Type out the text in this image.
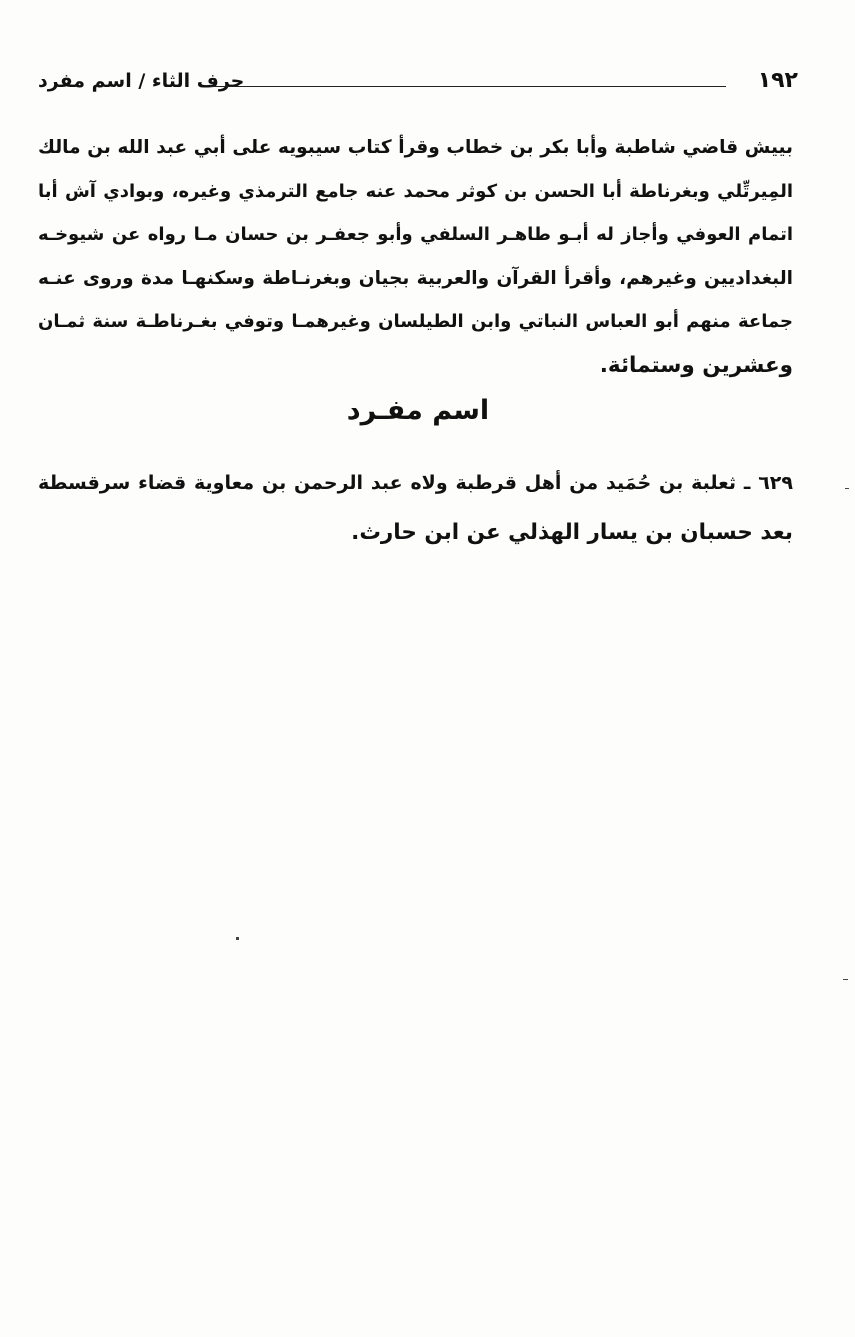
حرف الثاء / اسم مفرد	١٩٢
بييش قاضي شاطبة وأبا بكر بن خطاب وقرأ كتاب سيبويه على أبي عبد الله بن مالك
المِيرتِّلي وبغرناطة أبا الحسن بن كوثر محمد عنه جامع الترمذي وغيره، وبوادي آش أبا
اتمام العوفي وأجاز له أبـو طاهـر السلفي وأبو جعفـر بن حسان مـا رواه عن شيوخـه
البغداديين وغيرهم، وأقرأ القرآن والعربية بجيان وبغرنـاطة وسكنهـا مدة وروى عنـه
جماعة منهم أبو العباس النباتي وابن الطيلسان وغيرهمـا وتوفي بغـرناطـة سنة ثمـان
وعشرين وستمائة.
اسم مفـرد
٦٢٩ ـ ثعلبة بن حُمَيد من أهل قرطبة ولاه عبد الرحمن بن معاوية قضاء سرقسطة
بعد حسبان بن يسار الهذلي عن ابن حارث.
